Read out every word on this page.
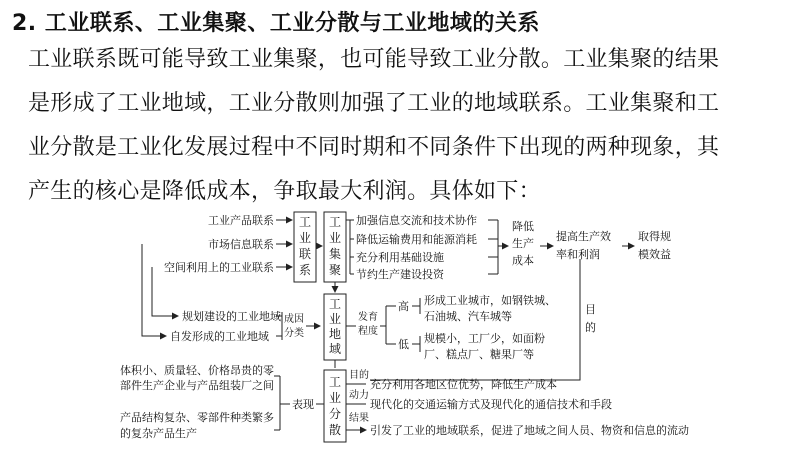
2. 工业联系、工业集聚、工业分散与工业地域的关系

工业联系既可能导致工业集聚，也可能导致工业分散。工业集聚的结果

是形成了工业地域，工业分散则加强了工业的地域联系。工业集聚和工

业分散是工业化发展过程中不同时期和不同条件下出现的两种现象，其

产生的核心是降低成本，争取最大利润。具体如下：

工业产品联系
市场信息联系
空间利用上的工业联系
工业联系
工业集聚
加强信息交流和技术协作
降低运输费用和能源消耗
充分利用基础设施
节约生产建设投资
降低
生产
成本
提高生产效
率和利润
取得规
模效益
规划建设的工业地域
自发形成的工业地域
成因
分类
工业地域
发育
程度
高
低
形成工业城市，如钢铁城、
石油城、汽车城等
规模小，工厂少，如面粉
厂、糕点厂、糖果厂等
工业分散
目
的
目的
充分利用各地区位优势，降低生产成本
动力
现代化的交通运输方式及现代化的通信技术和手段
结果
引发了工业的地域联系，促进了地域之间人员、物资和信息的流动
表现
体积小、质量轻、价格昂贵的零
部件生产企业与产品组装厂之间
产品结构复杂、零部件种类繁多
的复杂产品生产
